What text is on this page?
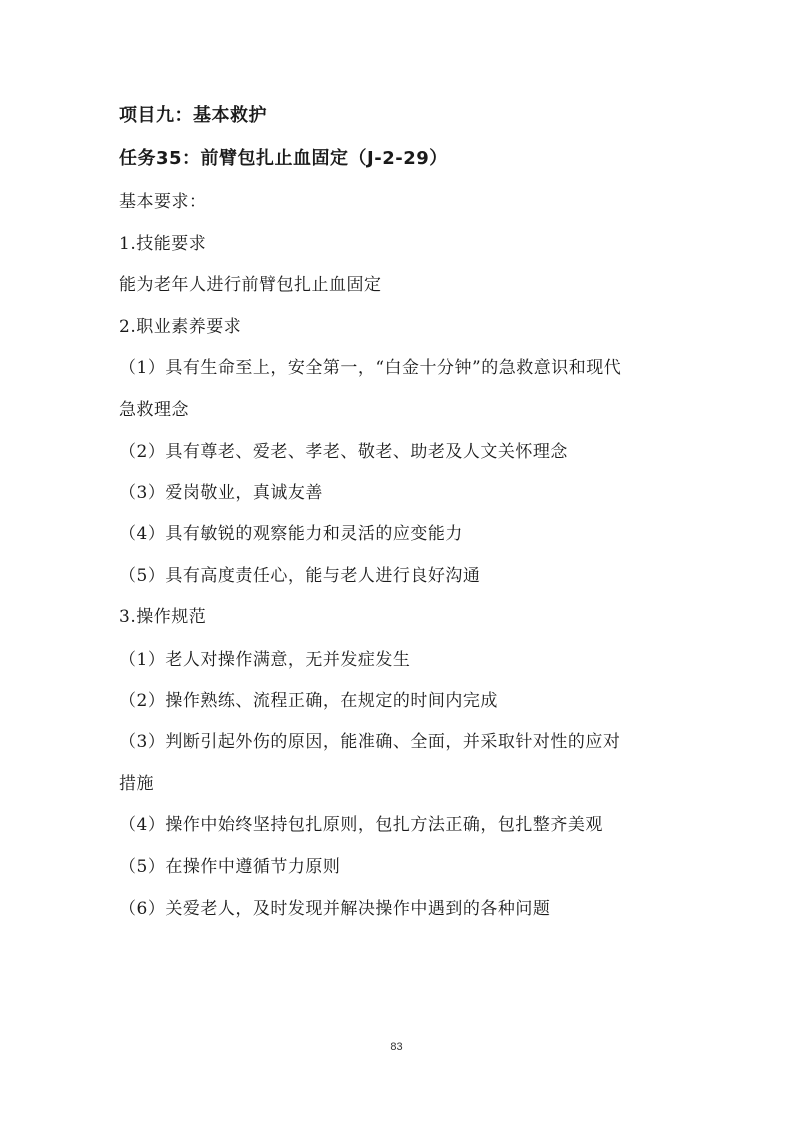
项目九：基本救护
任务35：前臂包扎止血固定（J-2-29）
基本要求：
1.技能要求
能为老年人进行前臂包扎止血固定
2.职业素养要求
（1）具有生命至上，安全第一，“白金十分钟”的急救意识和现代
急救理念
（2）具有尊老、爱老、孝老、敬老、助老及人文关怀理念
（3）爱岗敬业，真诚友善
（4）具有敏锐的观察能力和灵活的应变能力
（5）具有高度责任心，能与老人进行良好沟通
3.操作规范
（1）老人对操作满意，无并发症发生
（2）操作熟练、流程正确，在规定的时间内完成
（3）判断引起外伤的原因，能准确、全面，并采取针对性的应对
措施
（4）操作中始终坚持包扎原则，包扎方法正确，包扎整齐美观
（5）在操作中遵循节力原则
（6）关爱老人，及时发现并解决操作中遇到的各种问题
83
